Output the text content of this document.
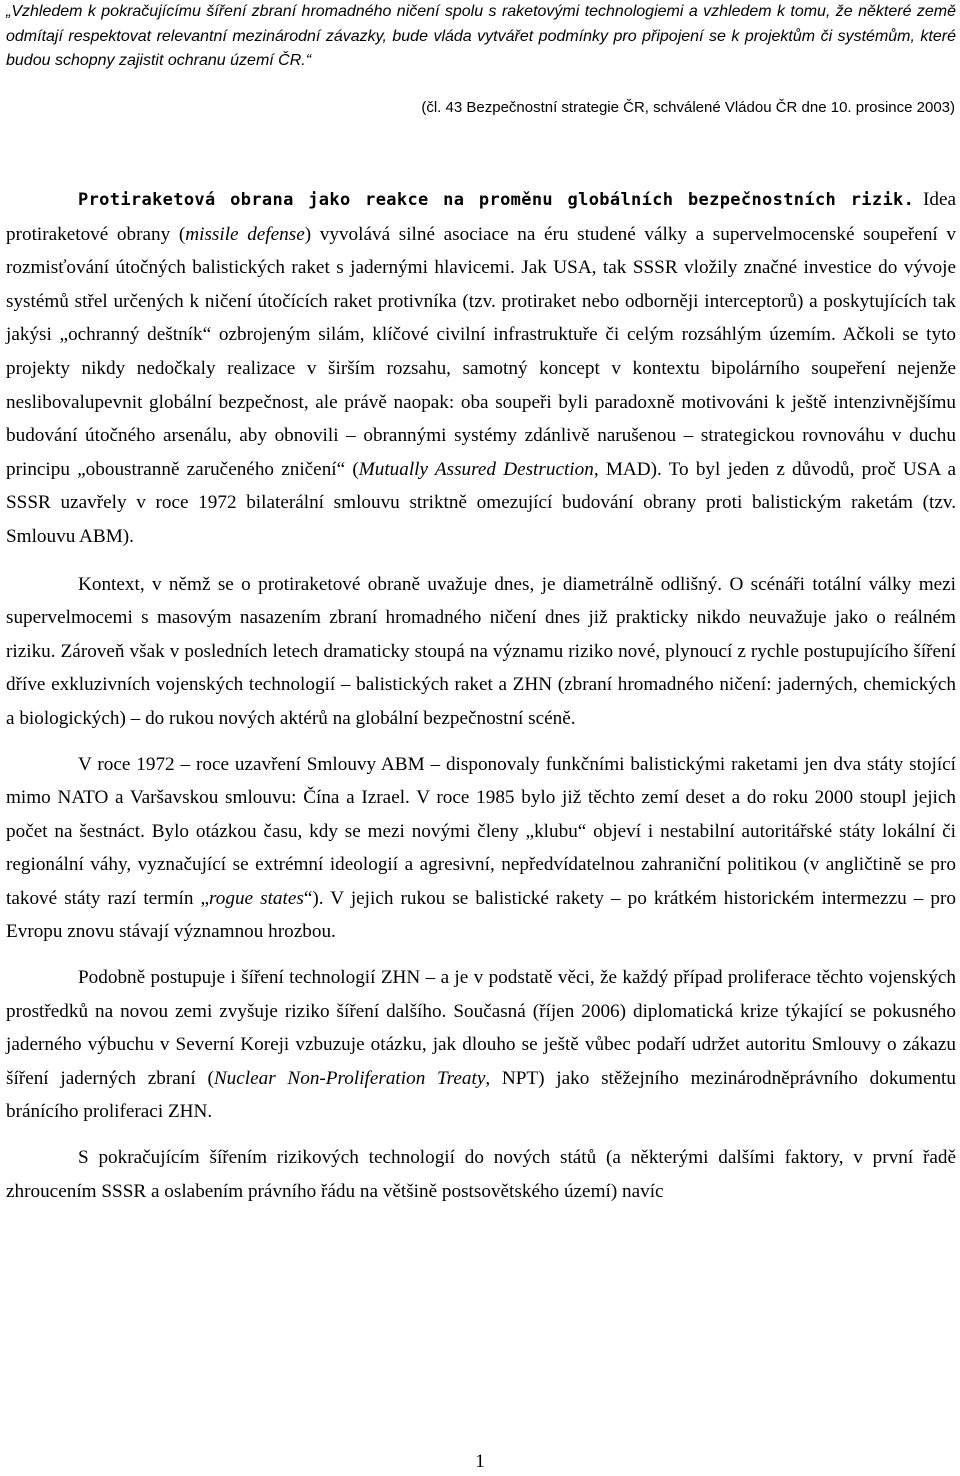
„Vzhledem k pokračujícímu šíření zbraní hromadného ničení spolu s raketovými technologiemi a vzhledem k tomu, že některé země odmítají respektovat relevantní mezinárodní závazky, bude vláda vytvářet podmínky pro připojení se k projektům či systémům, které budou schopny zajistit ochranu území ČR.“
(čl. 43 Bezpečnostní strategie ČR, schválené Vládou ČR dne 10. prosince 2003)

Protiraketová obrana jako reakce na proměnu globálních bezpečnostních rizik. Idea protiraketové obrany (missile defense) vyvolává silné asociace na éru studené války a supervelmocenské soupeření v rozmisťování útočných balistických raket s jadernými hlavicemi. Jak USA, tak SSSR vložily značné investice do vývoje systémů střel určených k ničení útočících raket protivníka (tzv. protiraket nebo odborněji interceptorů) a poskytujících tak jakýsi „ochranný deštník“ ozbrojeným silám, klíčové civilní infrastruktuře či celým rozsáhlým územím. Ačkoli se tyto projekty nikdy nedočkaly realizace v širším rozsahu, samotný koncept v kontextu bipolárního soupeření nejenže neslibovalupevnit globální bezpečnost, ale právě naopak: oba soupeři byli paradoxně motivováni k ještě intenzivnějšímu budování útočného arsenálu, aby obnovili – obrannými systémy zdánlivě narušenou – strategickou rovnováhu v duchu principu „oboustranně zaručeného zničení“ (Mutually Assured Destruction, MAD). To byl jeden z důvodů, proč USA a SSSR uzavřely v roce 1972 bilaterální smlouvu striktně omezující budování obrany proti balistickým raketám (tzv. Smlouvu ABM).

Kontext, v němž se o protiraketové obraně uvažuje dnes, je diametrálně odlišný. O scénáři totální války mezi supervelmocemi s masovým nasazením zbraní hromadného ničení dnes již prakticky nikdo neuvažuje jako o reálném riziku. Zároveň však v posledních letech dramaticky stoupá na významu riziko nové, plynoucí z rychle postupujícího šíření dříve exkluzivních vojenských technologií – balistických raket a ZHN (zbraní hromadného ničení: jaderných, chemických a biologických) – do rukou nových aktérů na globální bezpečnostní scéně.

V roce 1972 – roce uzavření Smlouvy ABM – disponovaly funkčními balistickými raketami jen dva státy stojící mimo NATO a Varšavskou smlouvu: Čína a Izrael. V roce 1985 bylo již těchto zemí deset a do roku 2000 stoupl jejich počet na šestnáct. Bylo otázkou času, kdy se mezi novými členy „klubu“ objeví i nestabilní autoritářské státy lokální či regionální váhy, vyznačující se extrémní ideologií a agresivní, nepředvídatelnou zahraniční politikou (v angličtině se pro takové státy razí termín „rogue states“). V jejich rukou se balistické rakety – po krátkém historickém intermezzu – pro Evropu znovu stávají významnou hrozbou.

Podobně postupuje i šíření technologií ZHN – a je v podstatě věci, že každý případ proliferace těchto vojenských prostředků na novou zemi zvyšuje riziko šíření dalšího. Současná (říjen 2006) diplomatická krize týkající se pokusného jaderného výbuchu v Severní Koreji vzbuzuje otázku, jak dlouho se ještě vůbec podaří udržet autoritu Smlouvy o zákazu šíření jaderných zbraní (Nuclear Non-Proliferation Treaty, NPT) jako stěžejního mezinárodněprávního dokumentu bránícího proliferaci ZHN.

S pokračujícím šířením rizikových technologií do nových států (a některými dalšími faktory, v první řadě zhroucením SSSR a oslabením právního řádu na většině postsovětského území) navíc

1
